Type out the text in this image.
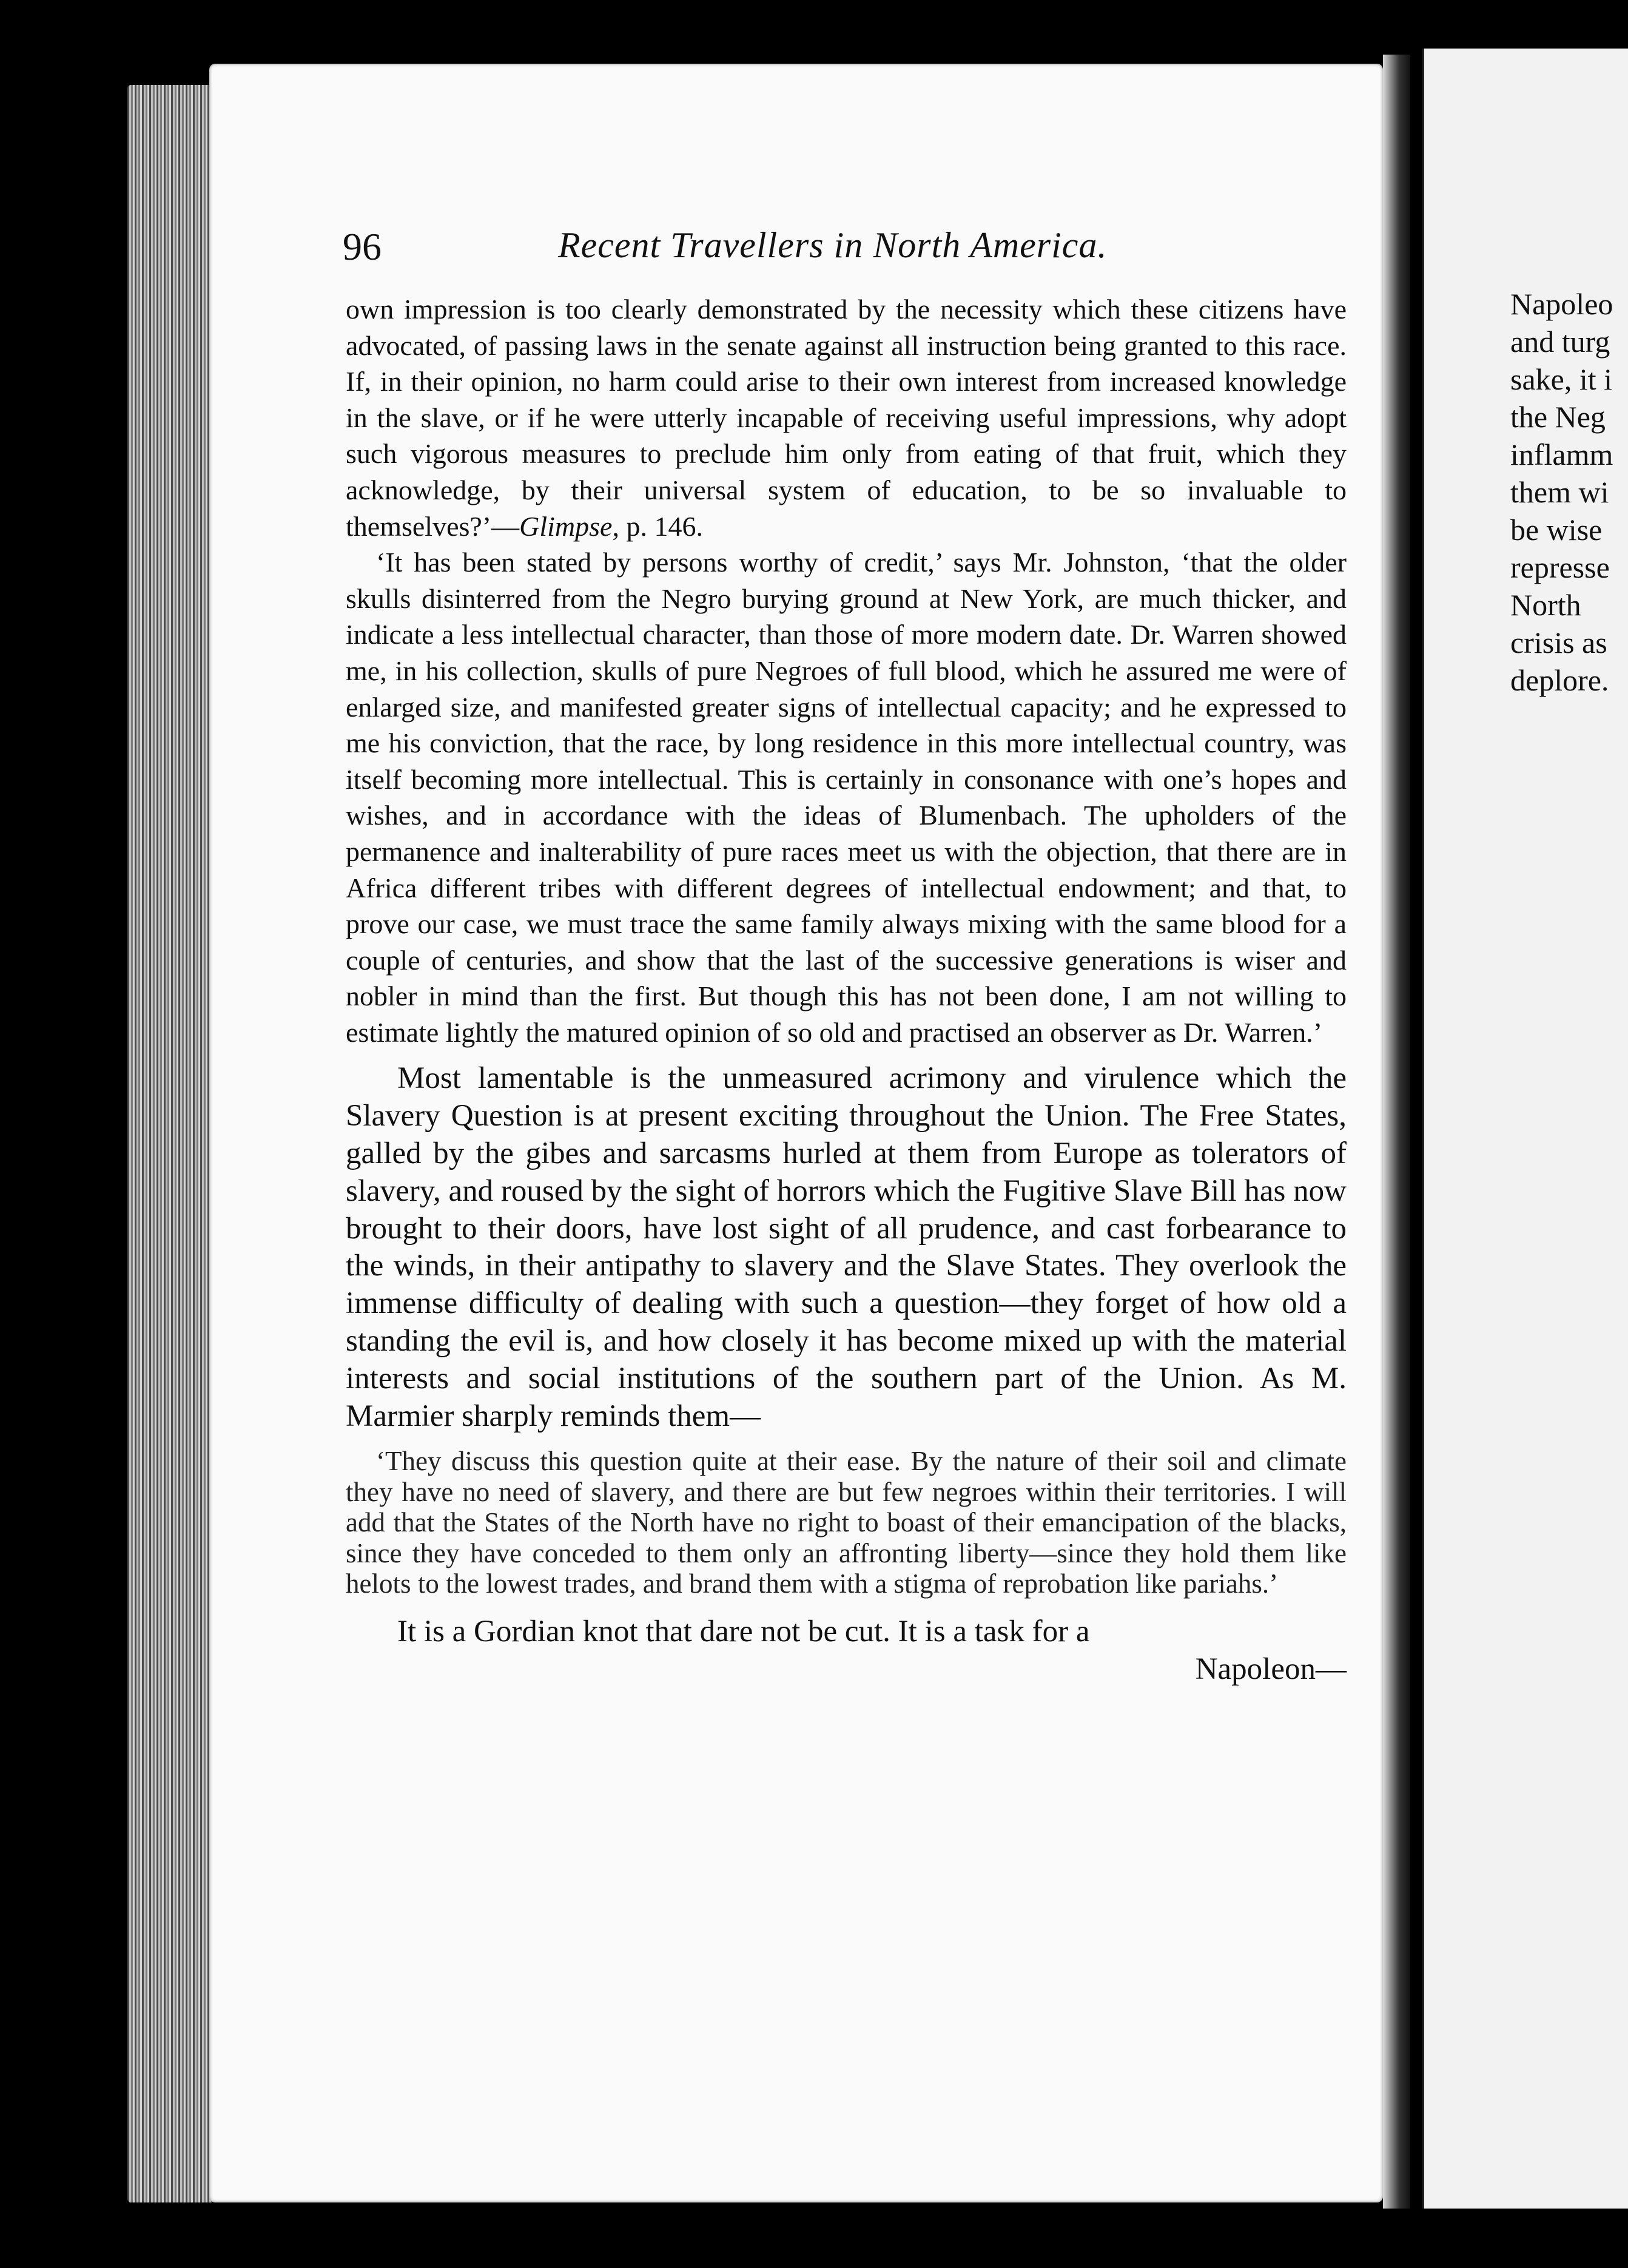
96	Recent Travellers in North America.

own impression is too clearly demonstrated by the necessity which these citizens have advocated, of passing laws in the senate against all instruction being granted to this race. If, in their opinion, no harm could arise to their own interest from increased knowledge in the slave, or if he were utterly incapable of receiving useful impressions, why adopt such vigorous measures to preclude him only from eating of that fruit, which they acknowledge, by their universal system of education, to be so invaluable to themselves?’—Glimpse, p. 146.

‘It has been stated by persons worthy of credit,’ says Mr. Johnston, ‘that the older skulls disinterred from the Negro burying ground at New York, are much thicker, and indicate a less intellectual character, than those of more modern date. Dr. Warren showed me, in his collection, skulls of pure Negroes of full blood, which he assured me were of enlarged size, and manifested greater signs of intellectual capacity; and he expressed to me his conviction, that the race, by long residence in this more intellectual country, was itself becoming more intellectual. This is certainly in consonance with one’s hopes and wishes, and in accordance with the ideas of Blumenbach. The upholders of the permanence and inalterability of pure races meet us with the objection, that there are in Africa different tribes with different degrees of intellectual endowment; and that, to prove our case, we must trace the same family always mixing with the same blood for a couple of centuries, and show that the last of the successive generations is wiser and nobler in mind than the first. But though this has not been done, I am not willing to estimate lightly the matured opinion of so old and practised an observer as Dr. Warren.’

Most lamentable is the unmeasured acrimony and virulence which the Slavery Question is at present exciting throughout the Union. The Free States, galled by the gibes and sarcasms hurled at them from Europe as tolerators of slavery, and roused by the sight of horrors which the Fugitive Slave Bill has now brought to their doors, have lost sight of all prudence, and cast forbearance to the winds, in their antipathy to slavery and the Slave States. They overlook the immense difficulty of dealing with such a question—they forget of how old a standing the evil is, and how closely it has become mixed up with the material interests and social institutions of the southern part of the Union. As M. Marmier sharply reminds them—

‘They discuss this question quite at their ease. By the nature of their soil and climate they have no need of slavery, and there are but few negroes within their territories. I will add that the States of the North have no right to boast of their emancipation of the blacks, since they have conceded to them only an affronting liberty—since they hold them like helots to the lowest trades, and brand them with a stigma of reprobation like pariahs.’

It is a Gordian knot that dare not be cut. It is a task for a
Napoleon—

Napoleo
and turg
sake, it i
the Neg
inflamm
them wi
be wise
represse
North
crisis as
deplore.
